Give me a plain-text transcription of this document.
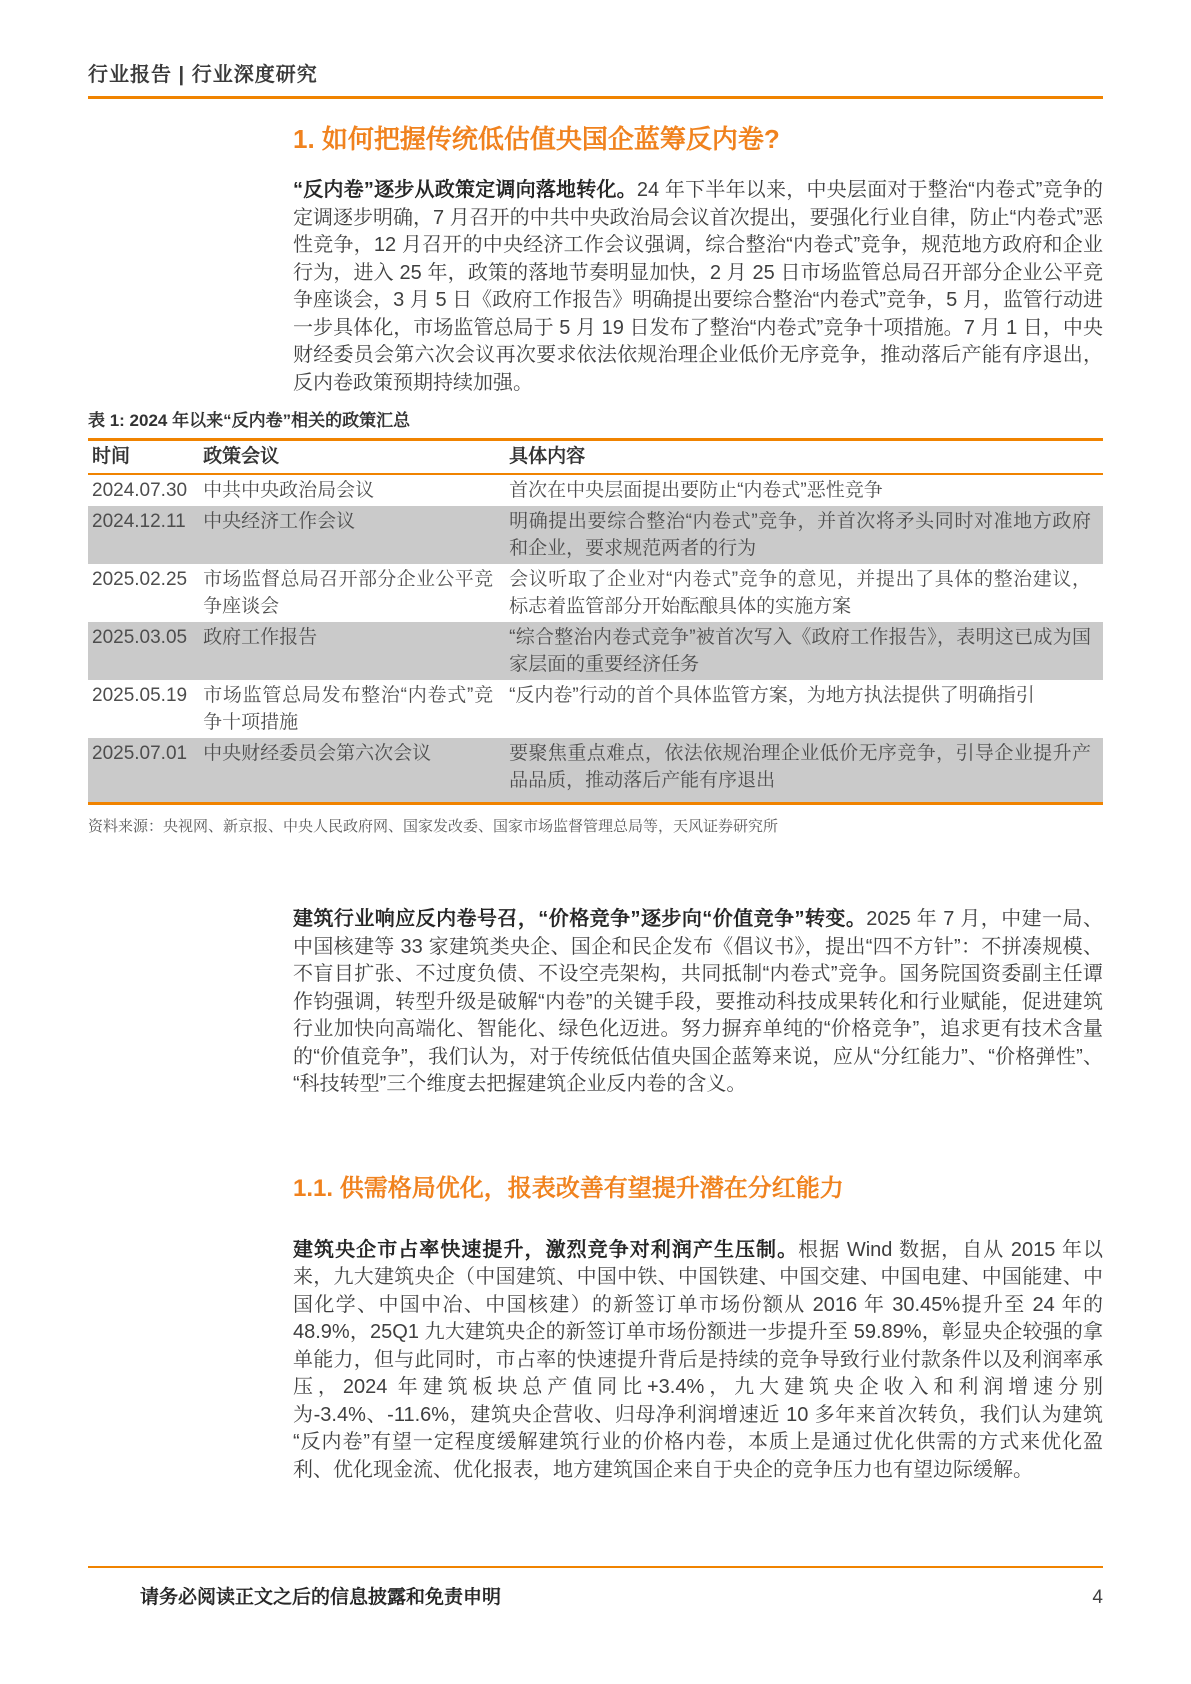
行业报告 | 行业深度研究
1. 如何把握传统低估值央国企蓝筹反内卷?

“反内卷”逐步从政策定调向落地转化。24 年下半年以来，中央层面对于整治“内卷式”竞争的定调逐步明确，7 月召开的中共中央政治局会议首次提出，要强化行业自律，防止“内卷式”恶性竞争，12 月召开的中央经济工作会议强调，综合整治“内卷式”竞争，规范地方政府和企业行为，进入 25 年，政策的落地节奏明显加快，2 月 25 日市场监管总局召开部分企业公平竞争座谈会，3 月 5 日《政府工作报告》明确提出要综合整治“内卷式”竞争，5 月，监管行动进一步具体化，市场监管总局于 5 月 19 日发布了整治“内卷式”竞争十项措施。7 月 1 日，中央财经委员会第六次会议再次要求依法依规治理企业低价无序竞争，推动落后产能有序退出，反内卷政策预期持续加强。

表 1: 2024 年以来“反内卷”相关的政策汇总
时间	政策会议	具体内容
2024.07.30	中共中央政治局会议	首次在中央层面提出要防止“内卷式”恶性竞争
2024.12.11	中央经济工作会议	明确提出要综合整治“内卷式”竞争，并首次将矛头同时对准地方政府和企业，要求规范两者的行为
2025.02.25	市场监督总局召开部分企业公平竞争座谈会	会议听取了企业对“内卷式”竞争的意见，并提出了具体的整治建议，标志着监管部分开始酝酿具体的实施方案
2025.03.05	政府工作报告	“综合整治内卷式竞争”被首次写入《政府工作报告》，表明这已成为国家层面的重要经济任务
2025.05.19	市场监管总局发布整治“内卷式”竞争十项措施	“反内卷”行动的首个具体监管方案，为地方执法提供了明确指引
2025.07.01	中央财经委员会第六次会议	要聚焦重点难点，依法依规治理企业低价无序竞争，引导企业提升产品品质，推动落后产能有序退出
资料来源：央视网、新京报、中央人民政府网、国家发改委、国家市场监督管理总局等，天风证券研究所

建筑行业响应反内卷号召，“价格竞争”逐步向“价值竞争”转变。2025 年 7 月，中建一局、中国核建等 33 家建筑类央企、国企和民企发布《倡议书》，提出“四不方针”：不拼凑规模、不盲目扩张、不过度负债、不设空壳架构，共同抵制“内卷式”竞争。国务院国资委副主任谭作钧强调，转型升级是破解“内卷”的关键手段，要推动科技成果转化和行业赋能，促进建筑行业加快向高端化、智能化、绿色化迈进。努力摒弃单纯的“价格竞争”，追求更有技术含量的“价值竞争”，我们认为，对于传统低估值央国企蓝筹来说，应从“分红能力”、“价格弹性”、“科技转型”三个维度去把握建筑企业反内卷的含义。

1.1. 供需格局优化，报表改善有望提升潜在分红能力

建筑央企市占率快速提升，激烈竞争对利润产生压制。根据 Wind 数据，自从 2015 年以来，九大建筑央企（中国建筑、中国中铁、中国铁建、中国交建、中国电建、中国能建、中国化学、中国中冶、中国核建）的新签订单市场份额从 2016 年 30.45%提升至 24 年的 48.9%，25Q1 九大建筑央企的新签订单市场份额进一步提升至 59.89%，彰显央企较强的拿单能力，但与此同时，市占率的快速提升背后是持续的竞争导致行业付款条件以及利润率承压，2024 年建筑板块总产值同比+3.4%，九大建筑央企收入和利润增速分别为-3.4%、-11.6%，建筑央企营收、归母净利润增速近 10 多年来首次转负，我们认为建筑“反内卷”有望一定程度缓解建筑行业的价格内卷，本质上是通过优化供需的方式来优化盈利、优化现金流、优化报表，地方建筑国企来自于央企的竞争压力也有望边际缓解。

请务必阅读正文之后的信息披露和免责申明	4
